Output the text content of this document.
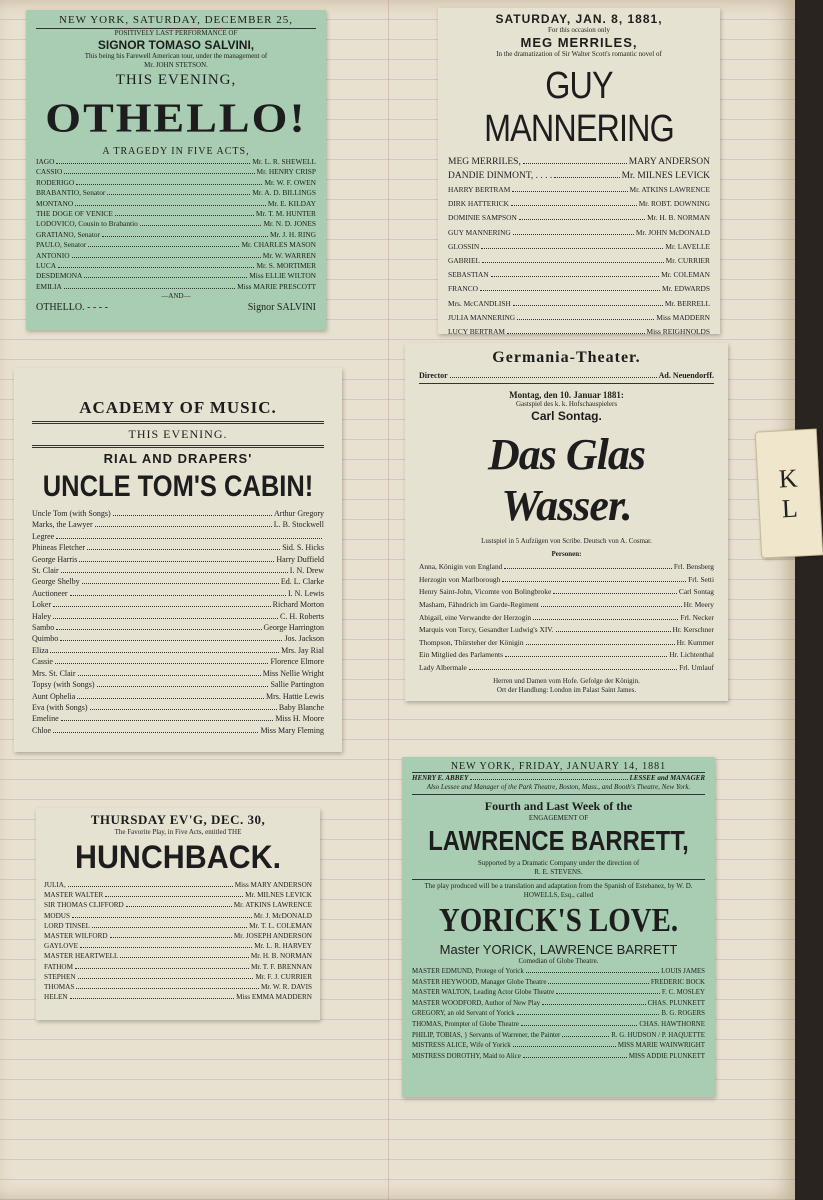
K
L
NEW YORK, SATURDAY, DECEMBER 25,
POSITIVELY LAST PERFORMANCE OF
SIGNOR TOMASO SALVINI,
This being his Farewell American tour, under the management of
Mr. JOHN STETSON.
THIS EVENING,
OTHELLO!
A TRAGEDY IN FIVE ACTS,
IAGO	Mr. L. R. SHEWELL
CASSIO	Mr. HENRY CRISP
RODERIGO	Mr. W. F. OWEN
BRABANTIO, Senator	Mr. A. D. BILLINGS
MONTANO	Mr. E. KILDAY
THE DOGE OF VENICE	Mr. T. M. HUNTER
LODOVICO, Cousin to Brabantio	Mr. N. D. JONES
GRATIANO, Senator	Mr. J. H. RING
PAULO, Senator	Mr. CHARLES MASON
ANTONIO	Mr. W. WARREN
LUCA	Mr. S. MORTIMER
DESDEMONA	Miss ELLIE WILTON
EMILIA	Miss MARIE PRESCOTT
—AND—
OTHELLO. - - - -	Signor SALVINI
SATURDAY, JAN. 8, 1881,
For this occasion only
MEG MERRILES,
In the dramatization of Sir Walter Scott's romantic novel of
GUY MANNERING
MEG MERRILES,	MARY ANDERSON
DANDIE DINMONT, . . . .	Mr. MILNES LEVICK
HARRY BERTRAM	Mr. ATKINS LAWRENCE
DIRK HATTERICK	Mr. ROBT. DOWNING
DOMINIE SAMPSON	Mr. H. B. NORMAN
GUY MANNERING	Mr. JOHN McDONALD
GLOSSIN	Mr. LAVELLE
GABRIEL	Mr. CURRIER
SEBASTIAN	Mr. COLEMAN
FRANCO	Mr. EDWARDS
Mrs. McCANDLISH	Mr. BERRELL
JULIA MANNERING	Miss MADDERN
LUCY BERTRAM	Miss REIGHNOLDS
ACADEMY OF MUSIC.
THIS EVENING.
RIAL AND DRAPERS'
UNCLE TOM'S CABIN!
Uncle Tom (with Songs)	Arthur Gregory
Marks, the Lawyer	L. B. Stockwell
Legree
Phineas Fletcher	Sid. S. Hicks
George Harris	Harry Duffield
St. Clair	I. N. Drew
George Shelby	Ed. L. Clarke
Auctioneer	I. N. Lewis
Loker	Richard Morton
Haley	C. H. Roberts
Sambo	George Harrington
Quimbo	Jos. Jackson
Eliza	Mrs. Jay Rial
Cassie	Florence Elmore
Mrs. St. Clair	Miss Nellie Wright
Topsy (with Songs)	Sallie Partington
Aunt Ophelia	Mrs. Hattie Lewis
Eva (with Songs)	Baby Blanche
Emeline	Miss H. Moore
Chloe	Miss Mary Fleming
Germania-Theater.
Director	Ad. Neuendorff.
Montag, den 10. Januar 1881:
Gastspiel des k. k. Hofschauspielers
Carl Sontag.
Das Glas Wasser.
Lustspiel in 5 Aufzügen von Scribe. Deutsch von A. Cosmar.
Personen:
Anna, Königin von England	Frl. Bensberg
Herzogin von Marlborough	Frl. Setti
Henry Saint-John, Vicomte von Bolingbroke	Carl Sontag
Masham, Fähndrich im Garde-Regiment	Hr. Meery
Abigail, eine Verwandte der Herzogin	Frl. Necker
Marquis von Torcy, Gesandter Ludwig's XIV.	Hr. Kerschner
Thompson, Thürsteher der Königin	Hr. Kummer
Ein Mitglied des Parlaments	Hr. Lichtenthal
Lady Albermale	Frl. Umlauf
Herren und Damen vom Hofe. Gefolge der Königin.
Ort der Handlung: London im Palast Saint James.
THURSDAY EV'G, DEC. 30,
The Favorite Play, in Five Acts, entitled THE
HUNCHBACK.
JULIA,	Miss MARY ANDERSON
MASTER WALTER	Mr. MILNES LEVICK
SIR THOMAS CLIFFORD	Mr. ATKINS LAWRENCE
MODUS	Mr. J. McDONALD
LORD TINSEL	Mr. T. L. COLEMAN
MASTER WILFORD	Mr. JOSEPH ANDERSON
GAYLOVE	Mr. L. R. HARVEY
MASTER HEARTWELL	Mr. H. B. NORMAN
FATHOM	Mr. T. F. BRENNAN
STEPHEN	Mr. F. J. CURRIER
THOMAS	Mr. W. R. DAVIS
HELEN	Miss EMMA MADDERN
NEW YORK, FRIDAY, JANUARY 14, 1881
HENRY E. ABBEY	LESSEE and MANAGER
Also Lessee and Manager of the Park Theatre, Boston, Mass., and Booth's Theatre, New York.
Fourth and Last Week of the
ENGAGEMENT OF
LAWRENCE BARRETT,
Supported by a Dramatic Company under the direction of
R. E. STEVENS.
The play produced will be a translation and adaptation from the Spanish of Estebanez, by W. D. HOWELLS, Esq., called
YORICK'S LOVE.
Master YORICK, LAWRENCE BARRETT
Comedian of Globe Theatre.
MASTER EDMUND, Protege of Yorick	LOUIS JAMES
MASTER HEYWOOD, Manager Globe Theatre	FREDERIC BOCK
MASTER WALTON, Leading Actor Globe Theatre	F. C. MOSLEY
MASTER WOODFORD, Author of New Play	CHAS. PLUNKETT
GREGORY, an old Servant of Yorick	B. G. ROGERS
THOMAS, Prompter of Globe Theatre	CHAS. HAWTHORNE
PHILIP, TOBIAS, } Servants of Warrener, the Painter	R. G. HUDSON / P. HAQUETTE
MISTRESS ALICE, Wife of Yorick	MISS MARIE WAINWRIGHT
MISTRESS DOROTHY, Maid to Alice	MISS ADDIE PLUNKETT
